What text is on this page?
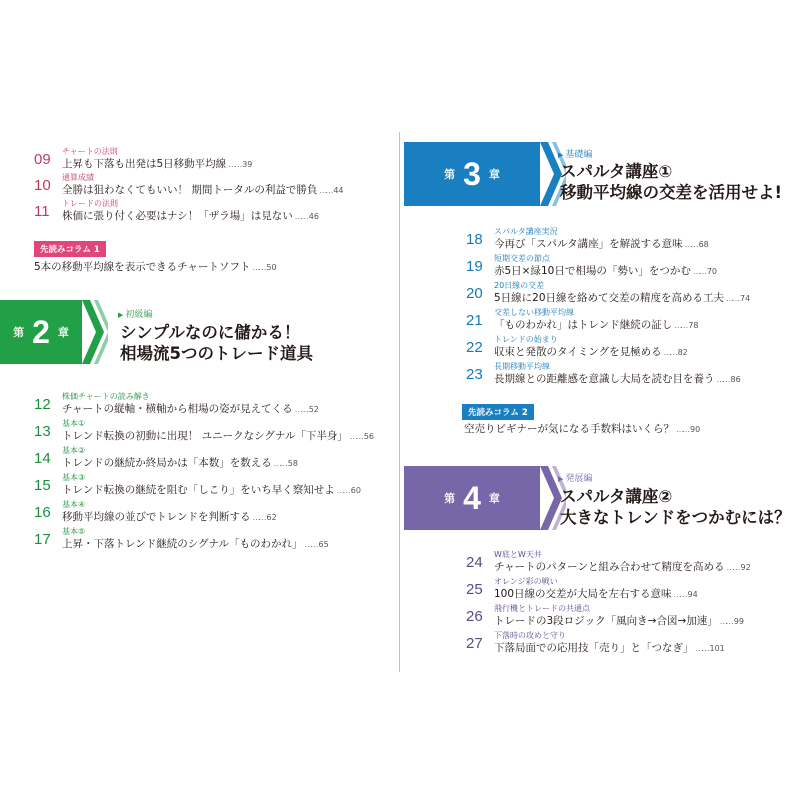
09	チャートの法則
上昇も下落も出発は5日移動平均線 …… 39
10	通算成績
全勝は狙わなくてもいい！ 期間トータルの利益で勝負 …… 44
11	トレードの法則
株価に張り付く必要はナシ！「ザラ場」は見ない …… 46
先読みコラム 1
5本の移動平均線を表示できるチャートソフト …… 50
第 2 章
▶ 初級編
シンプルなのに儲かる！
相場流5つのトレード道具
12	株価チャートの読み解き
チャートの縦軸・横軸から相場の姿が見えてくる …… 52
13	基本①
トレンド転換の初動に出現！ ユニークなシグナル「下半身」 …… 56
14	基本②
トレンドの継続か終局かは「本数」を数える …… 58
15	基本③
トレンド転換の継続を阻む「しこり」をいち早く察知せよ …… 60
16	基本④
移動平均線の並びでトレンドを判断する …… 62
17	基本⑤
上昇・下落トレンド継続のシグナル「ものわかれ」 …… 65
第 3 章
▶ 基礎編
スパルタ講座①
移動平均線の交差を活用せよ!
18	スパルタ講座実況
今再び「スパルタ講座」を解説する意味 …… 68
19	短期交差の節点
赤5日×緑10日で相場の「勢い」をつかむ …… 70
20	20日線の交差
5日線に20日線を絡めて交差の精度を高める工夫 …… 74
21	交差しない移動平均線
「ものわかれ」はトレンド継続の証し …… 78
22	トレンドの始まり
収束と発散のタイミングを見極める …… 82
23	長期移動平均線
長期線との距離感を意識し大局を読む目を養う …… 86
先読みコラム 2
空売りビギナーが気になる手数料はいくら？ …… 90
第 4 章
▶ 発展編
スパルタ講座②
大きなトレンドをつかむには？
24	W底とW天井
チャートのパターンと組み合わせて精度を高める …… 92
25	オレンジ彩の戦い
100日線の交差が大局を左右する意味 …… 94
26	飛行機とトレードの共通点
トレードの3段ロジック「風向き→合図→加速」 …… 99
27	下落時の攻めと守り
下落局面での応用技「売り」と「つなぎ」 …… 101
